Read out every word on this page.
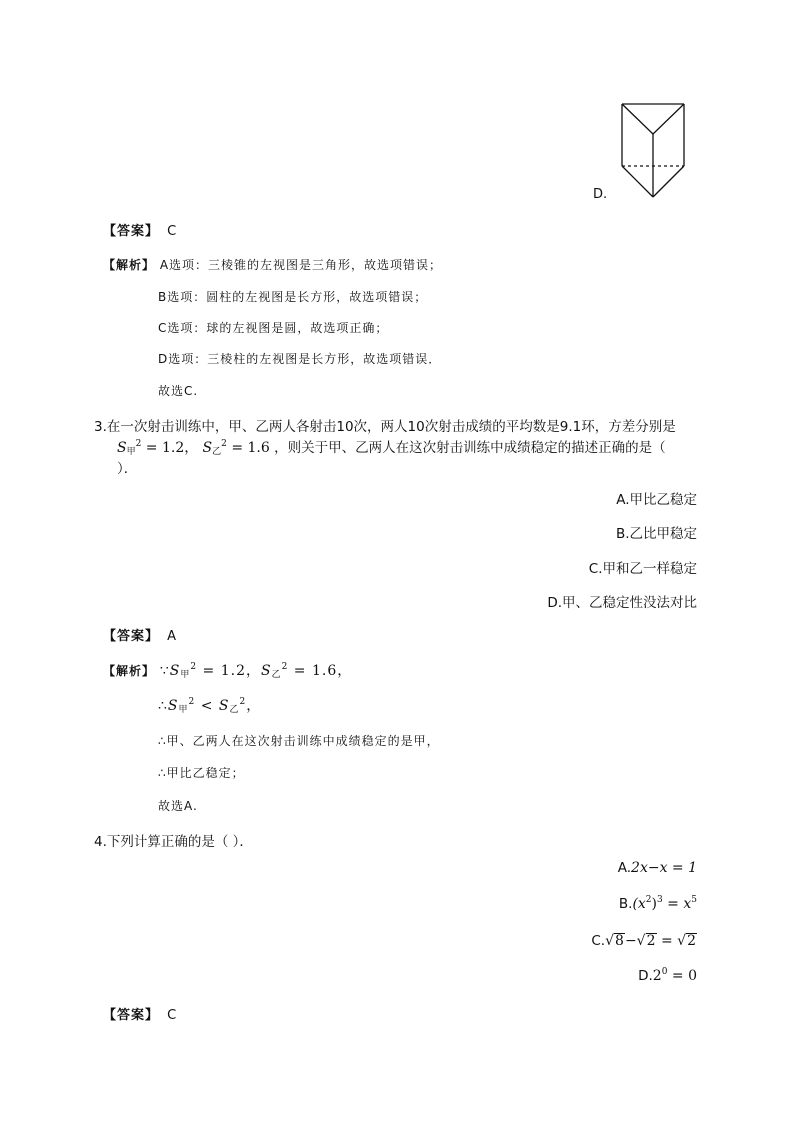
D.
【答案】 C
【解析】 A选项：三棱锥的左视图是三角形，故选项错误；
B选项：圆柱的左视图是长方形，故选项错误；
C选项：球的左视图是圆，故选项正确；
D选项：三棱柱的左视图是长方形，故选项错误．
故选C.
3.在一次射击训练中，甲、乙两人各射击10次，两人10次射击成绩的平均数是9.1环，方差分别是
$S_甲^2 = 1.2$， $S_乙^2 = 1.6$ ，则关于甲、乙两人在这次射击训练中成绩稳定的描述正确的是（
）．
A.甲比乙稳定
B.乙比甲稳定
C.甲和乙一样稳定
D.甲、乙稳定性没法对比
【答案】 A
【解析】 $\because S_甲^2 = 1.2$，$S_乙^2 = 1.6$，
$\therefore S_甲^2 < S_乙^2$，
∴甲、乙两人在这次射击训练中成绩稳定的是甲，
∴甲比乙稳定；
故选A.
4.下列计算正确的是（ ）．
A.2x−x = 1
$B.(x^2)^3 = x^5$
C.√8−√2 = √2
$D.2^0 = 0$
【答案】 C
